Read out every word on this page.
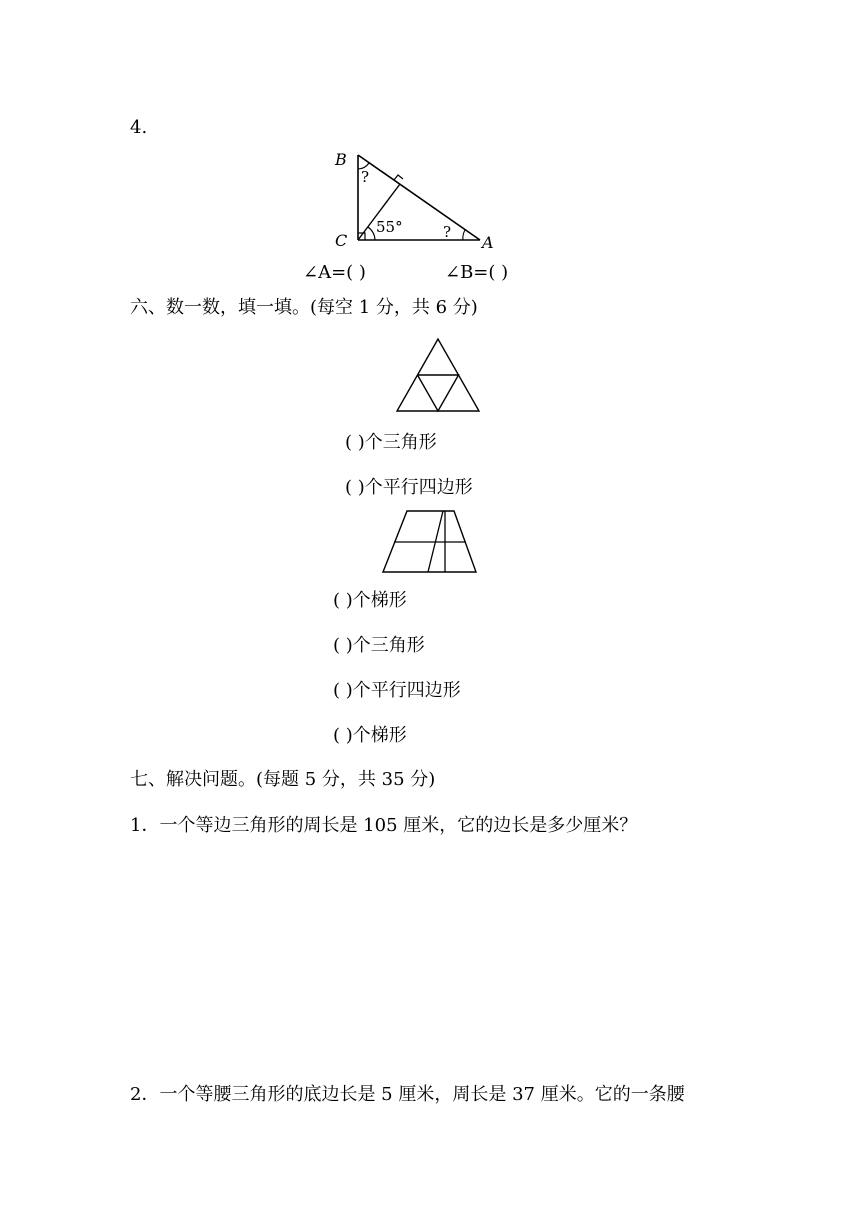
4.
B
C	A
?
?
55°
∠A=( )	∠B=( )
六、数一数，填一填。(每空 1 分，共 6 分)
( )个三角形
( )个平行四边形
( )个梯形
( )个三角形
( )个平行四边形
( )个梯形
七、解决问题。(每题 5 分，共 35 分)
1．一个等边三角形的周长是 105 厘米，它的边长是多少厘米？
2．一个等腰三角形的底边长是 5 厘米，周长是 37 厘米。它的一条腰
